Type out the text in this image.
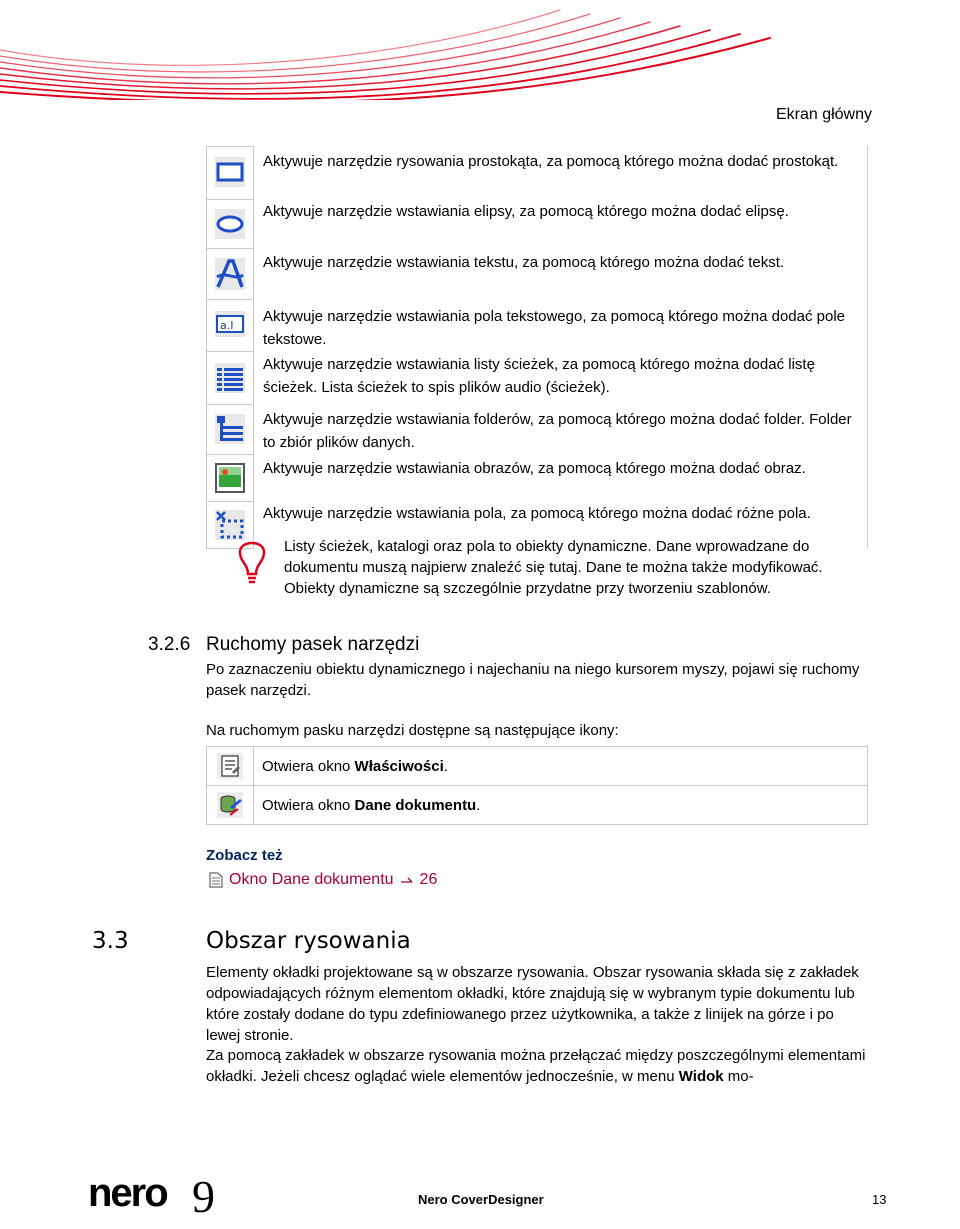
Ekran główny
	Aktywuje narzędzie rysowania prostokąta, za pomocą którego można dodać prostokąt.

	Aktywuje narzędzie wstawiania elipsy, za pomocą którego można dodać elipsę.

	Aktywuje narzędzie wstawiania tekstu, za pomocą którego można dodać tekst.

a.I	Aktywuje narzędzie wstawiania pola tekstowego, za pomocą którego można dodać pole tekstowe.

	Aktywuje narzędzie wstawiania listy ścieżek, za pomocą którego można dodać listę ścieżek. Lista ścieżek to spis plików audio (ścieżek).

	Aktywuje narzędzie wstawiania folderów, za pomocą którego można dodać folder. Folder to zbiór plików danych.

	Aktywuje narzędzie wstawiania obrazów, za pomocą którego można dodać obraz.

	Aktywuje narzędzie wstawiania pola, za pomocą którego można dodać różne pola.
Listy ścieżek, katalogi oraz pola to obiekty dynamiczne. Dane wprowadzane do dokumentu muszą najpierw znaleźć się tutaj. Dane te można także modyfikować. Obiekty dynamiczne są szczególnie przydatne przy tworzeniu szablonów.
3.2.6 Ruchomy pasek narzędzi
Po zaznaczeniu obiektu dynamicznego i najechaniu na niego kursorem myszy, pojawi się ruchomy pasek narzędzi.
Na ruchomym pasku narzędzi dostępne są następujące ikony:
	Otwiera okno Właściwości.

	Otwiera okno Dane dokumentu.
Zobacz też
Okno Dane dokumentu 26
3.3	Obszar rysowania
Elementy okładki projektowane są w obszarze rysowania. Obszar rysowania składa się z zakładek odpowiadających różnym elementom okładki, które znajdują się w wybranym typie dokumentu lub które zostały dodane do typu zdefiniowanego przez użytkownika, a także z linijek na górze i po lewej stronie.
Za pomocą zakładek w obszarze rysowania można przełączać między poszczególnymi elementami okładki. Jeżeli chcesz oglądać wiele elementów jednocześnie, w menu Widok mo-
nero 9	Nero CoverDesigner	13
